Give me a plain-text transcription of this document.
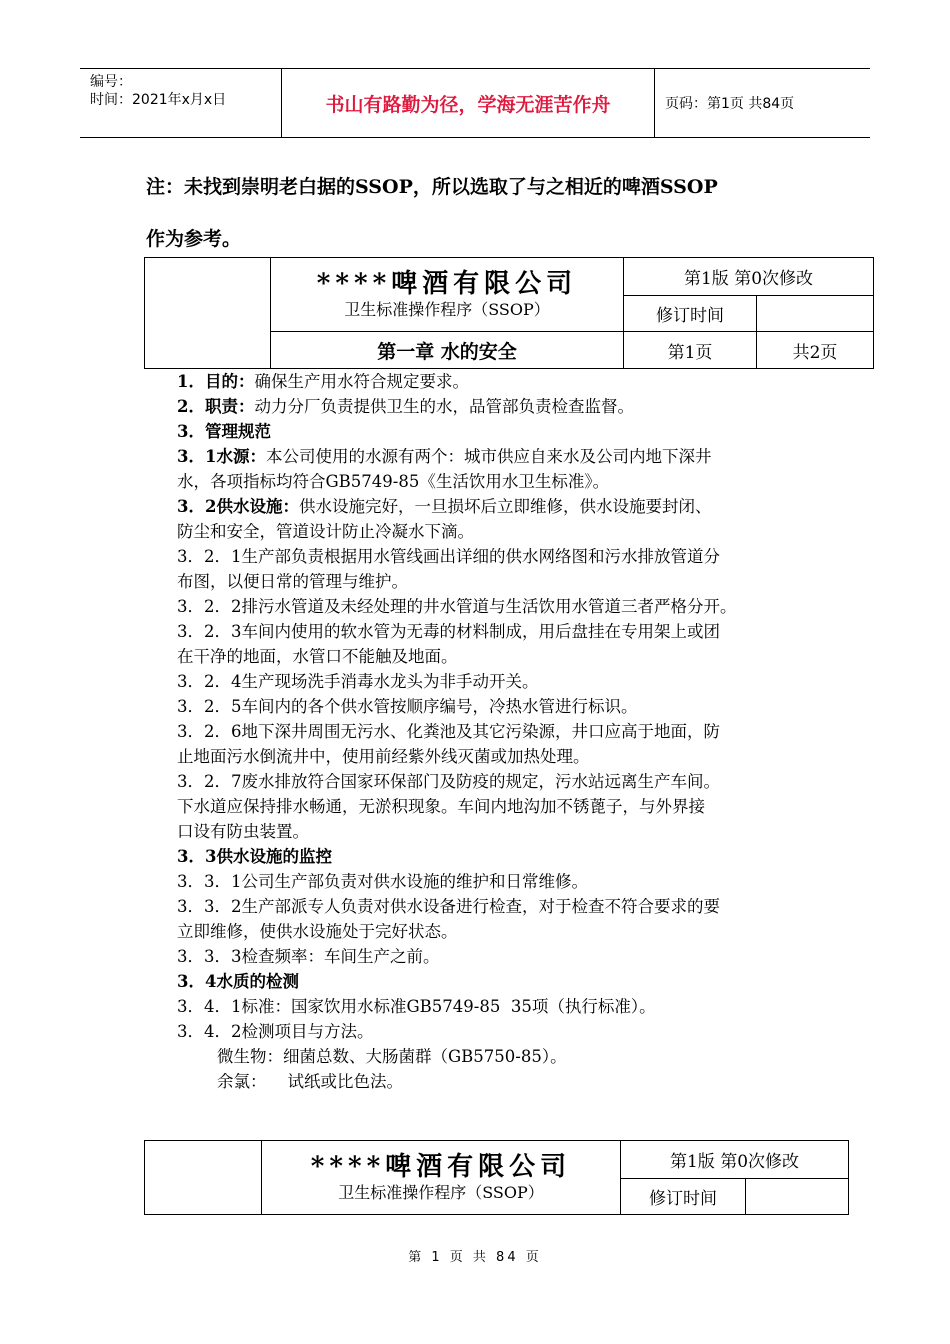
编号：
时间：2021年x月x日	书山有路勤为径，学海无涯苦作舟	页码：第1页 共84页
注：未找到崇明老白据的SSOP，所以选取了与之相近的啤酒SSOP
作为参考。

	****啤酒有限公司
卫生标准操作程序（SSOP）	第1版 第0次修改	
		修订时间	
	第一章 水的安全	第1页	共2页

1．目的：确保生产用水符合规定要求。

2．职责：动力分厂负责提供卫生的水，品管部负责检查监督。

3．管理规范

3．1水源：本公司使用的水源有两个：城市供应自来水及公司内地下深井

水，各项指标均符合GB5749-85《生活饮用水卫生标准》。

3．2供水设施：供水设施完好，一旦损坏后立即维修，供水设施要封闭、

防尘和安全，管道设计防止冷凝水下滴。

3．2．1生产部负责根据用水管线画出详细的供水网络图和污水排放管道分

布图，以便日常的管理与维护。

3．2．2排污水管道及未经处理的井水管道与生活饮用水管道三者严格分开。

3．2．3车间内使用的软水管为无毒的材料制成，用后盘挂在专用架上或团

在干净的地面，水管口不能触及地面。

3．2．4生产现场洗手消毒水龙头为非手动开关。

3．2．5车间内的各个供水管按顺序编号，冷热水管进行标识。

3．2．6地下深井周围无污水、化粪池及其它污染源，井口应高于地面，防

止地面污水倒流井中，使用前经紫外线灭菌或加热处理。

3．2．7废水排放符合国家环保部门及防疫的规定，污水站远离生产车间。

下水道应保持排水畅通，无淤积现象。车间内地沟加不锈蓖子，与外界接

口设有防虫装置。

3．3供水设施的监控

3．3．1公司生产部负责对供水设施的维护和日常维修。

3．3．2生产部派专人负责对供水设备进行检查，对于检查不符合要求的要

立即维修，使供水设施处于完好状态。

3．3．3检查频率：车间生产之前。

3．4水质的检测

3．4．1标准：国家饮用水标准GB5749-85  35项（执行标准）。

3．4．2检测项目与方法。

微生物：细菌总数、大肠菌群（GB5750-85）。

余氯：    试纸或比色法。

	****啤酒有限公司
卫生标准操作程序（SSOP）	第1版 第0次修改	
		修订时间	
第 1 页 共 84 页
